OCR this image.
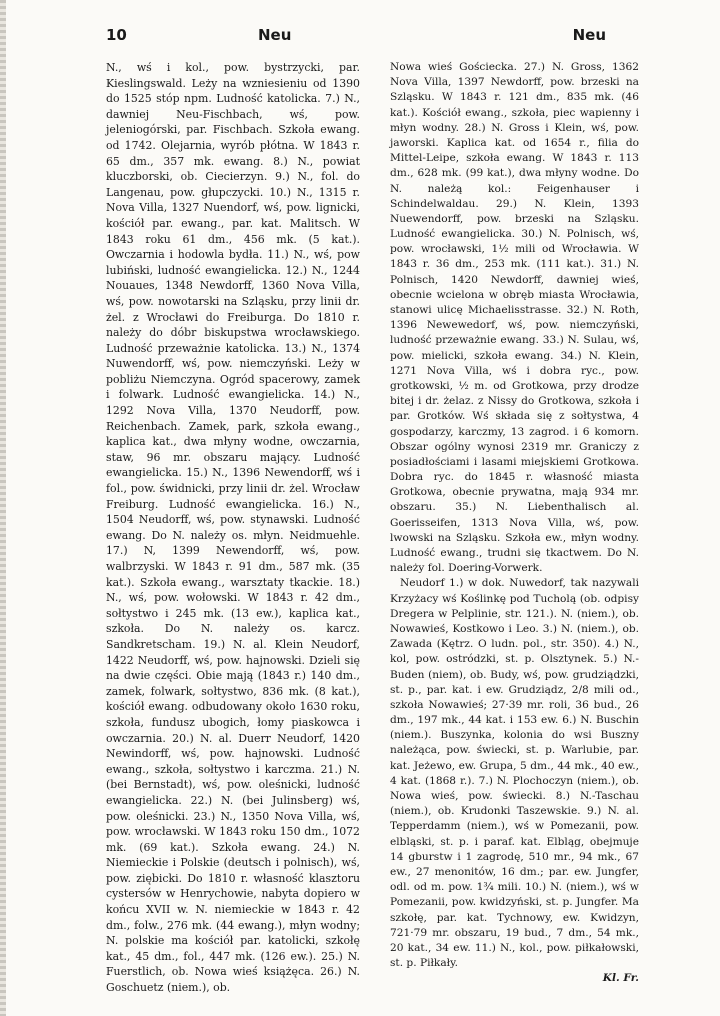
10	Neu	Neu

N., wś i kol., pow. bystrzycki, par. Kieslingswald. Leży na wzniesieniu od 1390 do 1525 stóp npm. Ludność katolicka. 7.) N., dawniej Neu-Fischbach, wś, pow. jeleniogórski, par. Fischbach. Szkoła ewang. od 1742. Olejarnia, wyrób płótna. W 1843 r. 65 dm., 357 mk. ewang. 8.) N., powiat kluczborski, ob. Ciecierzyn. 9.) N., fol. do Langenau, pow. głupczycki. 10.) N., 1315 r. Nova Villa, 1327 Nuendorf, wś, pow. lignicki, kościół par. ewang., par. kat. Malitsch. W 1843 roku 61 dm., 456 mk. (5 kat.). Owczarnia i hodowla bydła. 11.) N., wś, pow lubiński, ludność ewangielicka. 12.) N., 1244 Nouaues, 1348 Newdorff, 1360 Nova Villa, wś, pow. nowotarski na Szląsku, przy linii dr. żel. z Wrocławi do Freiburga. Do 1810 r. należy do dóbr biskupstwa wrocławskiego. Ludność przeważnie katolicka. 13.) N., 1374 Nuwendorff, wś, pow. niemczyński. Leży w pobliżu Niemczyna. Ogród spacerowy, zamek i folwark. Ludność ewangielicka. 14.) N., 1292 Nova Villa, 1370 Neudorff, pow. Reichenbach. Zamek, park, szkoła ewang., kaplica kat., dwa młyny wodne, owczarnia, staw, 96 mr. obszaru mający. Ludność ewangielicka. 15.) N., 1396 Newendorff, wś i fol., pow. świdnicki, przy linii dr. żel. Wrocław Freiburg. Ludność ewangielicka. 16.) N., 1504 Neudorff, wś, pow. stynawski. Ludność ewang. Do N. należy os. młyn. Neidmuehle. 17.) N, 1399 Newendorff, wś, pow. walbrzyski. W 1843 r. 91 dm., 587 mk. (35 kat.). Szkoła ewang., warsztaty tkackie. 18.) N., wś, pow. wołowski. W 1843 r. 42 dm., sołtystwo i 245 mk. (13 ew.), kaplica kat., szkoła. Do N. należy os. karcz. Sandkretscham. 19.) N. al. Klein Neudorf, 1422 Neudorff, wś, pow. hajnowski. Dzieli się na dwie części. Obie mają (1843 r.) 140 dm., zamek, folwark, sołtystwo, 836 mk. (8 kat.), kościół ewang. odbudowany około 1630 roku, szkoła, fundusz ubogich, łomy piaskowca i owczarnia. 20.) N. al. Duerr Neudorf, 1420 Newindorff, wś, pow. hajnowski. Ludność ewang., szkoła, sołtystwo i karczma. 21.) N. (bei Bernstadt), wś, pow. oleśnicki, ludność ewangielicka. 22.) N. (bei Julinsberg) wś, pow. oleśnicki. 23.) N., 1350 Nova Villa, wś, pow. wrocławski. W 1843 roku 150 dm., 1072 mk. (69 kat.). Szkoła ewang. 24.) N. Niemieckie i Polskie (deutsch i polnisch), wś, pow. ziębicki. Do 1810 r. własność klasztoru cystersów w Henrychowie, nabyta dopiero w końcu XVII w. N. niemieckie w 1843 r. 42 dm., folw., 276 mk. (44 ewang.), młyn wodny; N. polskie ma kościół par. katolicki, szkołę kat., 45 dm., fol., 447 mk. (126 ew.). 25.) N. Fuerstlich, ob. Nowa wieś książęca. 26.) N. Goschuetz (niem.), ob.

Nowa wieś Gościecka. 27.) N. Gross, 1362 Nova Villa, 1397 Newdorff, pow. brzeski na Szląsku. W 1843 r. 121 dm., 835 mk. (46 kat.). Kościół ewang., szkoła, piec wapienny i młyn wodny. 28.) N. Gross i Klein, wś, pow. jaworski. Kaplica kat. od 1654 r., filia do Mittel-Leipe, szkoła ewang. W 1843 r. 113 dm., 628 mk. (99 kat.), dwa młyny wodne. Do N. należą kol.: Feigenhauser i Schindelwaldau. 29.) N. Klein, 1393 Nuewendorff, pow. brzeski na Szląsku. Ludność ewangielicka. 30.) N. Polnisch, wś, pow. wrocławski, 1½ mili od Wrocławia. W 1843 r. 36 dm., 253 mk. (111 kat.). 31.) N. Polnisch, 1420 Newdorff, dawniej wieś, obecnie wcielona w obręb miasta Wrocławia, stanowi ulicę Michaelisstrasse. 32.) N. Roth, 1396 Newewedorf, wś, pow. niemczyński, ludność przeważnie ewang. 33.) N. Sulau, wś, pow. mielicki, szkoła ewang. 34.) N. Klein, 1271 Nova Villa, wś i dobra ryc., pow. grotkowski, ½ m. od Grotkowa, przy drodze bitej i dr. żelaz. z Nissy do Grotkowa, szkoła i par. Grotków. Wś składa się z sołtystwa, 4 gospodarzy, karczmy, 13 zagrod. i 6 komorn. Obszar ogólny wynosi 2319 mr. Graniczy z posiadłościami i lasami miejskiemi Grotkowa. Dobra ryc. do 1845 r. własność miasta Grotkowa, obecnie prywatna, mają 934 mr. obszaru. 35.) N. Liebenthalisch al. Goerisseifen, 1313 Nova Villa, wś, pow. lwowski na Szląsku. Szkoła ew., młyn wodny. Ludność ewang., trudni się tkactwem. Do N. należy fol. Doering-Vorwerk.

Neudorf 1.) w dok. Nuwedorf, tak nazywali Krzyżacy wś Koślinkę pod Tucholą (ob. odpisy Dregera w Pelplinie, str. 121.). N. (niem.), ob. Nowawieś, Kostkowo i Leo. 3.) N. (niem.), ob. Zawada (Kętrz. O ludn. pol., str. 350). 4.) N., kol, pow. ostródzki, st. p. Olsztynek. 5.) N.-Buden (niem), ob. Budy, wś, pow. grudziądzki, st. p., par. kat. i ew. Grudziądz, 2/8 mili od., szkoła Nowawieś; 27·39 mr. roli, 36 bud., 26 dm., 197 mk., 44 kat. i 153 ew. 6.) N. Buschin (niem.). Buszynka, kolonia do wsi Buszny należąca, pow. świecki, st. p. Warlubie, par. kat. Jeżewo, ew. Grupa, 5 dm., 44 mk., 40 ew., 4 kat. (1868 r.). 7.) N. Plochoczyn (niem.), ob. Nowa wieś, pow. świecki. 8.) N.-Taschau (niem.), ob. Krudonki Taszewskie. 9.) N. al. Tepperdamm (niem.), wś w Pomezanii, pow. elbląski, st. p. i paraf. kat. Elbląg, obejmuje 14 gburstw i 1 zagrodę, 510 mr., 94 mk., 67 ew., 27 menonitów, 16 dm.; par. ew. Jungfer, odl. od m. pow. 1¾ mili. 10.) N. (niem.), wś w Pomezanii, pow. kwidzyński, st. p. Jungfer. Ma szkołę, par. kat. Tychnowy, ew. Kwidzyn, 721·79 mr. obszaru, 19 bud., 7 dm., 54 mk., 20 kat., 34 ew. 11.) N., kol., pow. piłkałowski, st. p. Piłkały.

Kl. Fr.
